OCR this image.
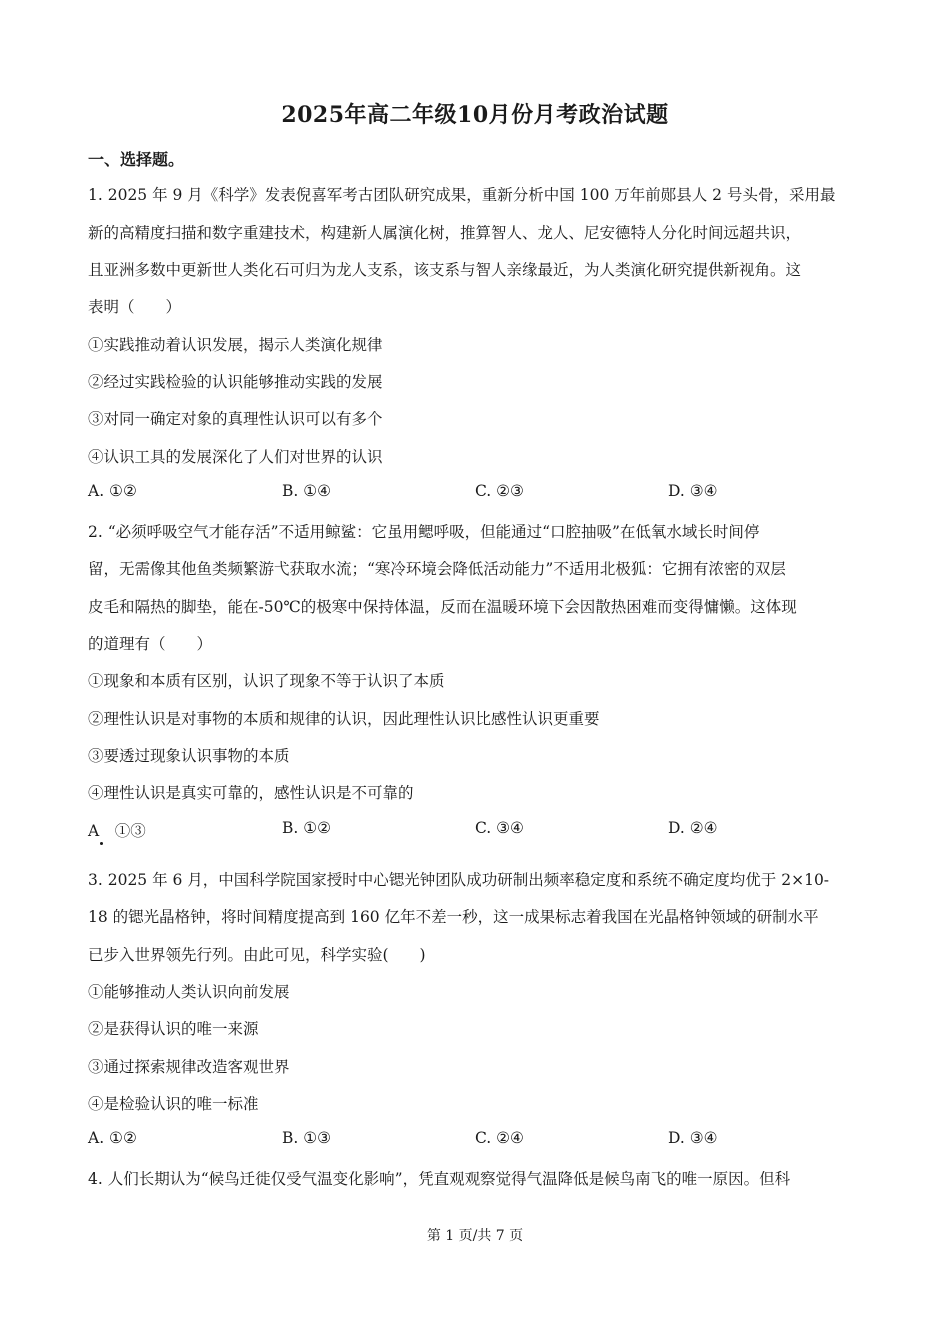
2025年高二年级10月份月考政治试题
一、选择题。
1. 2025 年 9 月《科学》发表倪喜军考古团队研究成果，重新分析中国 100 万年前郧县人 2 号头骨，采用最
新的高精度扫描和数字重建技术，构建新人属演化树，推算智人、龙人、尼安德特人分化时间远超共识，
且亚洲多数中更新世人类化石可归为龙人支系，该支系与智人亲缘最近，为人类演化研究提供新视角。这
表明（　　）
①实践推动着认识发展，揭示人类演化规律
②经过实践检验的认识能够推动实践的发展
③对同一确定对象的真理性认识可以有多个
④认识工具的发展深化了人们对世界的认识
A. ①②	B. ①④	C. ②③	D. ③④
2. “必须呼吸空气才能存活”不适用鲸鲨：它虽用鳃呼吸，但能通过“口腔抽吸”在低氧水域长时间停
留，无需像其他鱼类频繁游弋获取水流；“寒冷环境会降低活动能力”不适用北极狐：它拥有浓密的双层
皮毛和隔热的脚垫，能在-50℃的极寒中保持体温，反而在温暖环境下会因散热困难而变得慵懒。这体现
的道理有（　　）
①现象和本质有区别，认识了现象不等于认识了本质
②理性认识是对事物的本质和规律的认识，因此理性认识比感性认识更重要
③要透过现象认识事物的本质
④理性认识是真实可靠的，感性认识是不可靠的
A　①③	B. ①②	C. ③④	D. ②④
3. 2025 年 6 月，中国科学院国家授时中心锶光钟团队成功研制出频率稳定度和系统不确定度均优于 2×10-
18 的锶光晶格钟，将时间精度提高到 160 亿年不差一秒，这一成果标志着我国在光晶格钟领域的研制水平
已步入世界领先行列。由此可见，科学实验(　　)
①能够推动人类认识向前发展
②是获得认识的唯一来源
③通过探索规律改造客观世界
④是检验认识的唯一标准
A. ①②	B. ①③	C. ②④	D. ③④
4. 人们长期认为“候鸟迁徙仅受气温变化影响”，凭直观观察觉得气温降低是候鸟南飞的唯一原因。但科
第 1 页/共 7 页
